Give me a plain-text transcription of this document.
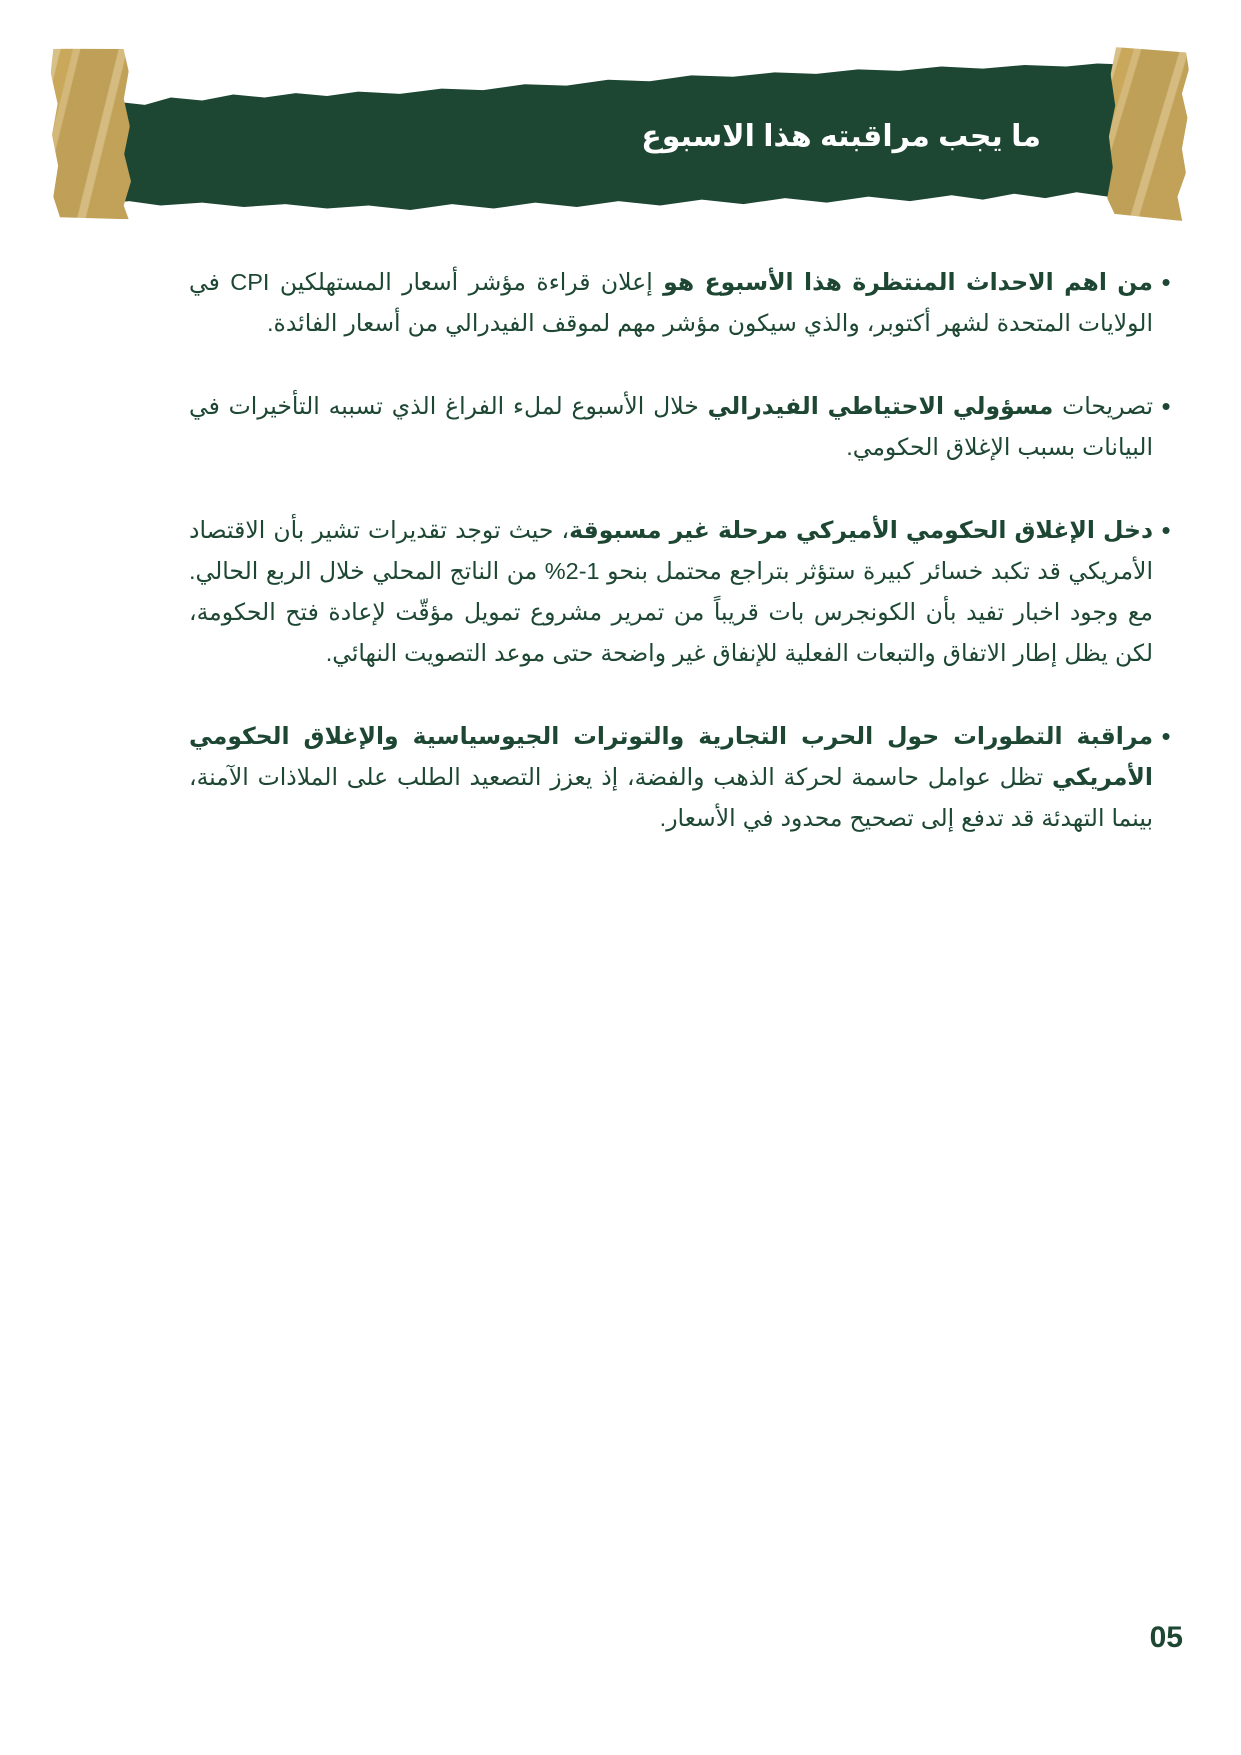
ما يجب مراقبته هذا الاسبوع
•
من اهم الاحداث المنتظرة هذا الأسبوع هو إعلان قراءة مؤشر أسعار المستهلكين CPI في الولايات المتحدة لشهر أكتوبر، والذي سيكون مؤشر مهم لموقف الفيدرالي من أسعار الفائدة.
•
تصريحات مسؤولي الاحتياطي الفيدرالي خلال الأسبوع لملء الفراغ الذي تسببه التأخيرات في البيانات بسبب الإغلاق الحكومي.
•
دخل الإغلاق الحكومي الأميركي مرحلة غير مسبوقة، حيث توجد تقديرات تشير بأن الاقتصاد الأمريكي قد تكبد خسائر كبيرة ستؤثر بتراجع محتمل بنحو 1-2% من الناتج المحلي خلال الربع الحالي. مع وجود اخبار تفيد بأن الكونجرس بات قريباً من تمرير مشروع تمويل مؤقّت لإعادة فتح الحكومة، لكن يظل إطار الاتفاق والتبعات الفعلية للإنفاق غير واضحة حتى موعد التصويت النهائي.
•
مراقبة التطورات حول الحرب التجارية والتوترات الجيوسياسية والإغلاق الحكومي الأمريكي تظل عوامل حاسمة لحركة الذهب والفضة، إذ يعزز التصعيد الطلب على الملاذات الآمنة، بينما التهدئة قد تدفع إلى تصحيح محدود في الأسعار.
05
